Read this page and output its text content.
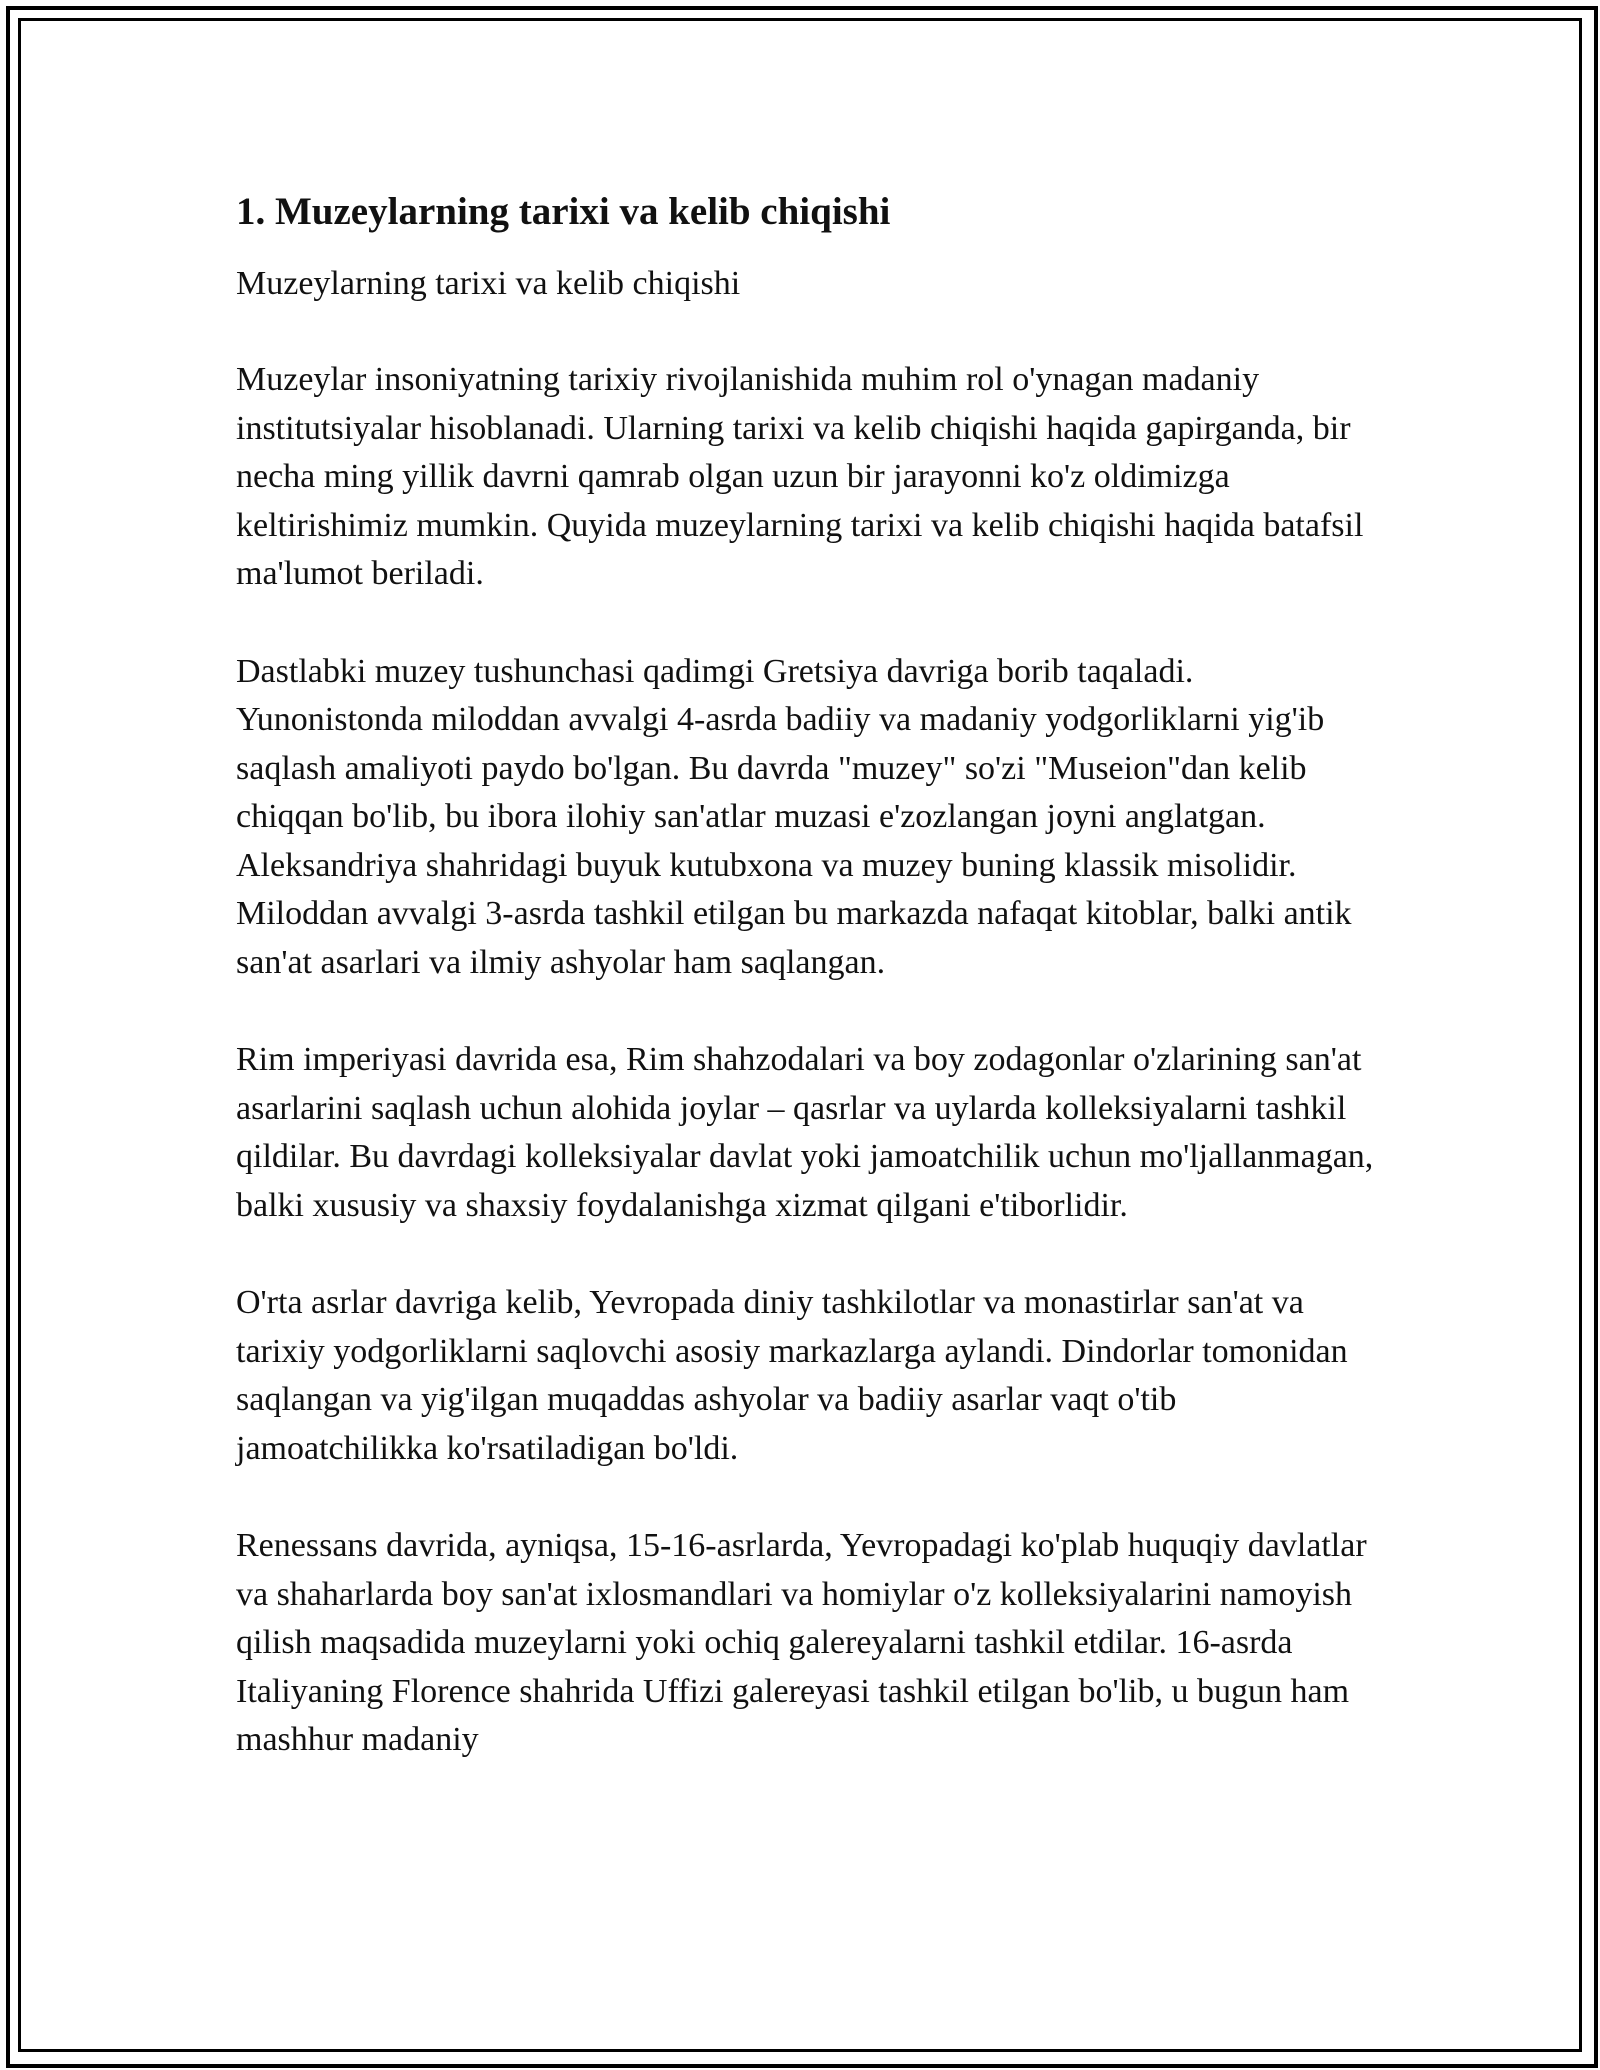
1. Muzeylarning tarixi va kelib chiqishi

Muzeylarning tarixi va kelib chiqishi

Muzeylar insoniyatning tarixiy rivojlanishida muhim rol o'ynagan madaniy institutsiyalar hisoblanadi. Ularning tarixi va kelib chiqishi haqida gapirganda, bir necha ming yillik davrni qamrab olgan uzun bir jarayonni ko'z oldimizga keltirishimiz mumkin. Quyida muzeylarning tarixi va kelib chiqishi haqida batafsil ma'lumot beriladi.

Dastlabki muzey tushunchasi qadimgi Gretsiya davriga borib taqaladi. Yunonistonda miloddan avvalgi 4-asrda badiiy va madaniy yodgorliklarni yig'ib saqlash amaliyoti paydo bo'lgan. Bu davrda "muzey" so'zi "Museion"dan kelib chiqqan bo'lib, bu ibora ilohiy san'atlar muzasi e'zozlangan joyni anglatgan. Aleksandriya shahridagi buyuk kutubxona va muzey buning klassik misolidir. Miloddan avvalgi 3-asrda tashkil etilgan bu markazda nafaqat kitoblar, balki antik san'at asarlari va ilmiy ashyolar ham saqlangan.

Rim imperiyasi davrida esa, Rim shahzodalari va boy zodagonlar o'zlarining san'at asarlarini saqlash uchun alohida joylar – qasrlar va uylarda kolleksiyalarni tashkil qildilar. Bu davrdagi kolleksiyalar davlat yoki jamoatchilik uchun mo'ljallanmagan, balki xususiy va shaxsiy foydalanishga xizmat qilgani e'tiborlidir.

O'rta asrlar davriga kelib, Yevropada diniy tashkilotlar va monastirlar san'at va tarixiy yodgorliklarni saqlovchi asosiy markazlarga aylandi. Dindorlar tomonidan saqlangan va yig'ilgan muqaddas ashyolar va badiiy asarlar vaqt o'tib jamoatchilikka ko'rsatiladigan bo'ldi.

Renessans davrida, ayniqsa, 15-16-asrlarda, Yevropadagi ko'plab huquqiy davlatlar va shaharlarda boy san'at ixlosmandlari va homiylar o'z kolleksiyalarini namoyish qilish maqsadida muzeylarni yoki ochiq galereyalarni tashkil etdilar. 16-asrda Italiyaning Florence shahrida Uffizi galereyasi tashkil etilgan bo'lib, u bugun ham mashhur madaniy
